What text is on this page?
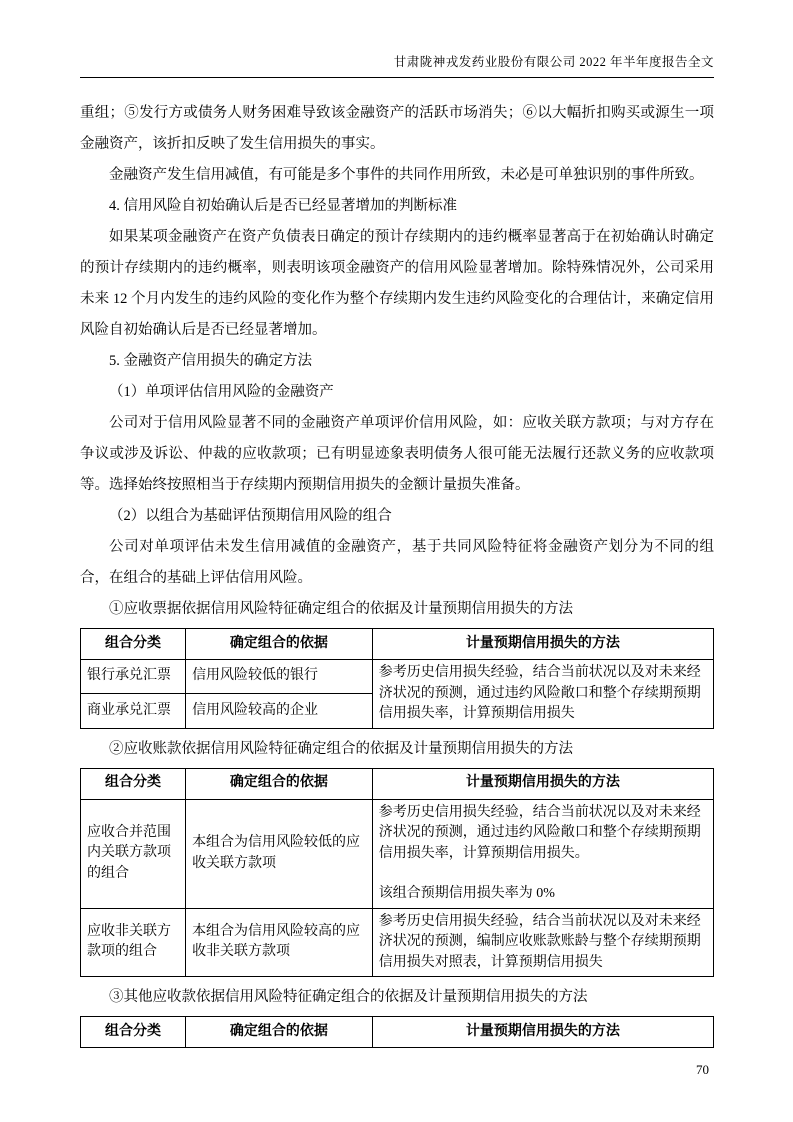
甘肃陇神戎发药业股份有限公司 2022 年半年度报告全文

重组；⑤发行方或债务人财务困难导致该金融资产的活跃市场消失；⑥以大幅折扣购买或源生一项金融资产，该折扣反映了发生信用损失的事实。

金融资产发生信用减值，有可能是多个事件的共同作用所致，未必是可单独识别的事件所致。

4. 信用风险自初始确认后是否已经显著增加的判断标准

如果某项金融资产在资产负债表日确定的预计存续期内的违约概率显著高于在初始确认时确定的预计存续期内的违约概率，则表明该项金融资产的信用风险显著增加。除特殊情况外，公司采用未来 12 个月内发生的违约风险的变化作为整个存续期内发生违约风险变化的合理估计，来确定信用风险自初始确认后是否已经显著增加。

5. 金融资产信用损失的确定方法

（1）单项评估信用风险的金融资产

公司对于信用风险显著不同的金融资产单项评价信用风险，如：应收关联方款项；与对方存在争议或涉及诉讼、仲裁的应收款项；已有明显迹象表明债务人很可能无法履行还款义务的应收款项等。选择始终按照相当于存续期内预期信用损失的金额计量损失准备。

（2）以组合为基础评估预期信用风险的组合

公司对单项评估未发生信用减值的金融资产，基于共同风险特征将金融资产划分为不同的组合，在组合的基础上评估信用风险。

①应收票据依据信用风险特征确定组合的依据及计量预期信用损失的方法

组合分类	确定组合的依据	计量预期信用损失的方法
银行承兑汇票	信用风险较低的银行	参考历史信用损失经验，结合当前状况以及对未来经济状况的预测，通过违约风险敞口和整个存续期预期信用损失率，计算预期信用损失
商业承兑汇票	信用风险较高的企业	

②应收账款依据信用风险特征确定组合的依据及计量预期信用损失的方法

组合分类	确定组合的依据	计量预期信用损失的方法
应收合并范围内关联方款项的组合	本组合为信用风险较低的应收关联方款项	参考历史信用损失经验，结合当前状况以及对未来经济状况的预测，通过违约风险敞口和整个存续期预期信用损失率，计算预期信用损失。
该组合预期信用损失率为 0%

应收非关联方款项的组合	本组合为信用风险较高的应收非关联方款项	参考历史信用损失经验，结合当前状况以及对未来经济状况的预测，编制应收账款账龄与整个存续期预期信用损失对照表，计算预期信用损失

③其他应收款依据信用风险特征确定组合的依据及计量预期信用损失的方法

组合分类	确定组合的依据	计量预期信用损失的方法
70
